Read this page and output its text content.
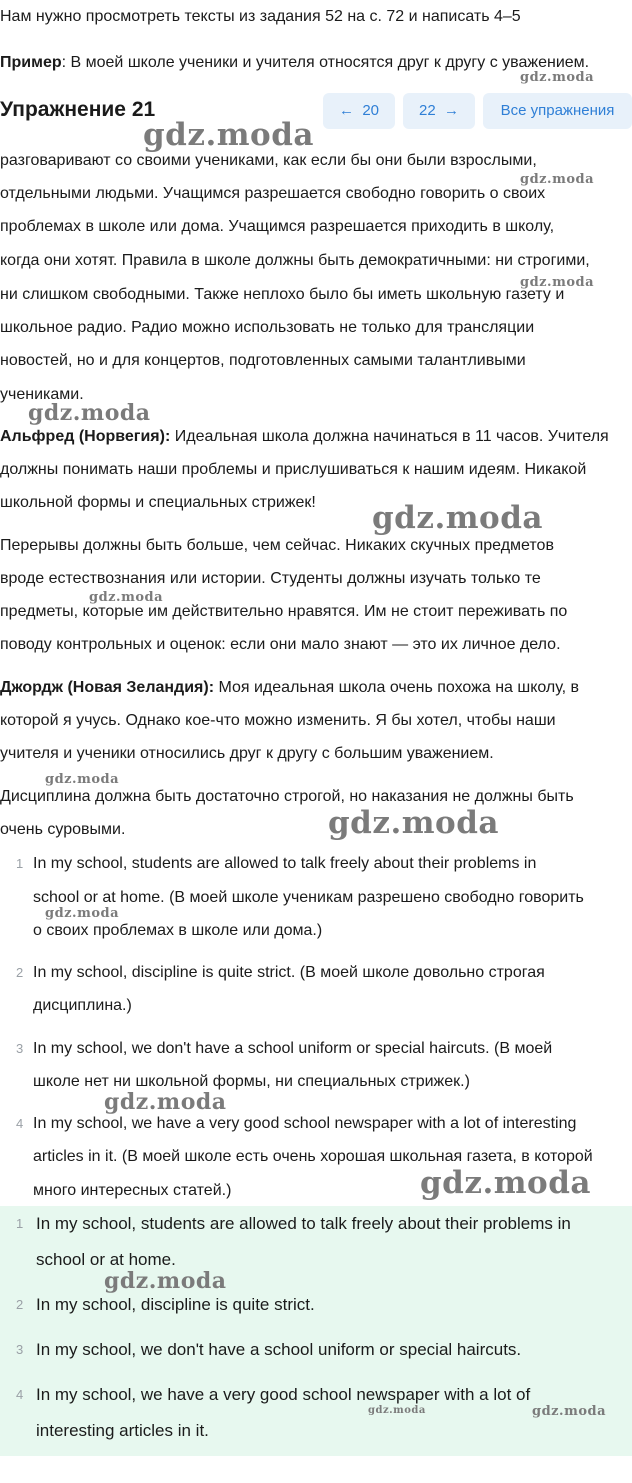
Нам нужно просмотреть тексты из задания 52 на с. 72 и написать 4–5
Пример: В моей школе ученики и учителя относятся друг к другу с уважением.
Упражнение 21	← 20	22 →	Все упражнения
разговаривают со своими учениками, как если бы они были взрослыми,
отдельными людьми. Учащимся разрешается свободно говорить о своих
проблемах в школе или дома. Учащимся разрешается приходить в школу,
когда они хотят. Правила в школе должны быть демократичными: ни строгими,
ни слишком свободными. Также неплохо было бы иметь школьную газету и
школьное радио. Радио можно использовать не только для трансляции
новостей, но и для концертов, подготовленных самыми талантливыми
учениками.
Альфред (Норвегия): Идеальная школа должна начинаться в 11 часов. Учителя
должны понимать наши проблемы и прислушиваться к нашим идеям. Никакой
школьной формы и специальных стрижек!
Перерывы должны быть больше, чем сейчас. Никаких скучных предметов
вроде естествознания или истории. Студенты должны изучать только те
предметы, которые им действительно нравятся. Им не стоит переживать по
поводу контрольных и оценок: если они мало знают — это их личное дело.
Джордж (Новая Зеландия): Моя идеальная школа очень похожа на школу, в
которой я учусь. Однако кое-что можно изменить. Я бы хотел, чтобы наши
учителя и ученики относились друг к другу с большим уважением.
Дисциплина должна быть достаточно строгой, но наказания не должны быть
очень суровыми.
1 In my school, students are allowed to talk freely about their problems in
school or at home. (В моей школе ученикам разрешено свободно говорить
о своих проблемах в школе или дома.)
2 In my school, discipline is quite strict. (В моей школе довольно строгая
дисциплина.)
3 In my school, we don't have a school uniform or special haircuts. (В моей
школе нет ни школьной формы, ни специальных стрижек.)
4 In my school, we have a very good school newspaper with a lot of interesting
articles in it. (В моей школе есть очень хорошая школьная газета, в которой
много интересных статей.)
1 In my school, students are allowed to talk freely about their problems in
school or at home.
2 In my school, discipline is quite strict.
3 In my school, we don't have a school uniform or special haircuts.
4 In my school, we have a very good school newspaper with a lot of
interesting articles in it.
gdz.moda
gdz.moda
gdz.moda
gdz.moda
gdz.moda
gdz.moda
gdz.moda
gdz.moda
gdz.moda
gdz.moda
gdz.moda
gdz.moda
gdz.moda
gdz.moda	gdz.moda
